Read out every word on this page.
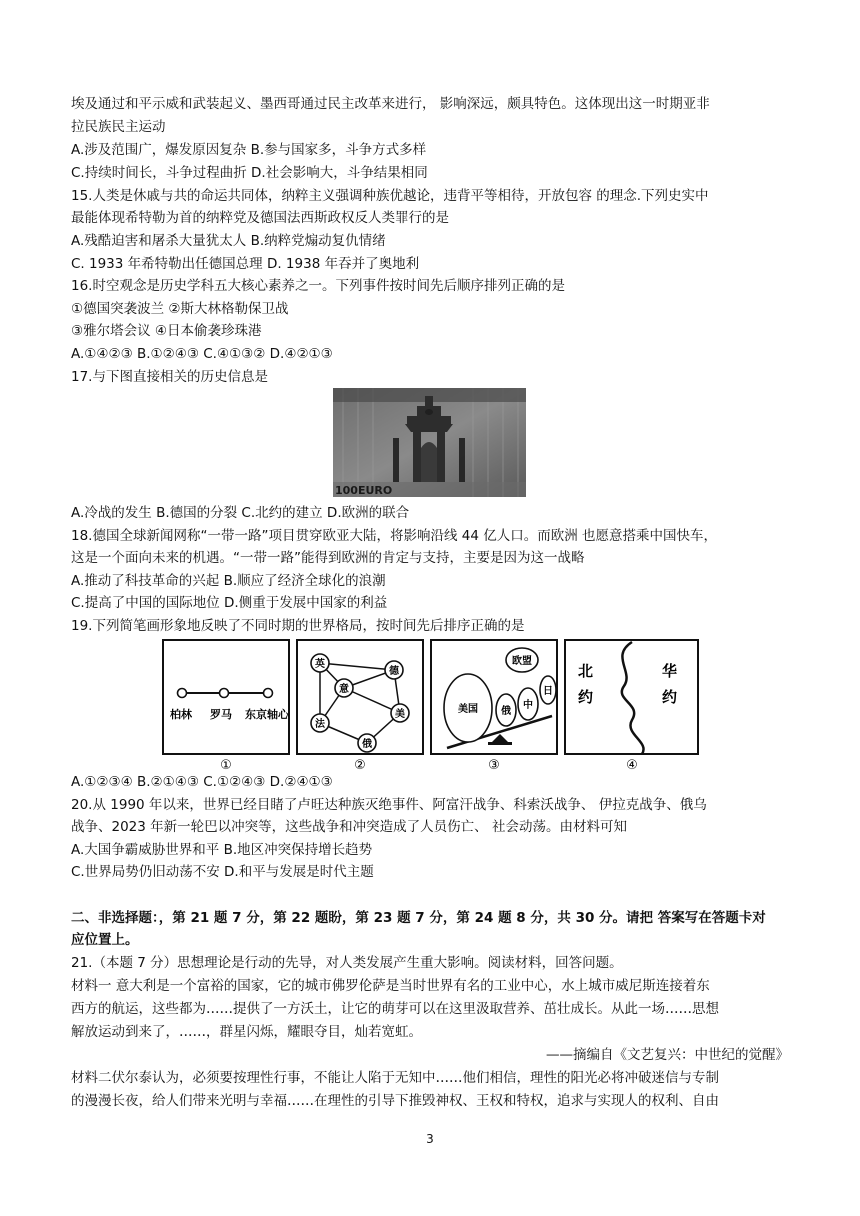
埃及通过和平示威和武装起义、墨西哥通过民主改革来进行， 影响深远，颇具特色。这体现出这一时期亚非
拉民族民主运动
A.涉及范围广，爆发原因复杂 B.参与国家多，斗争方式多样
C.持续时间长，斗争过程曲折 D.社会影响大，斗争结果相同
15.人类是休戚与共的命运共同体，纳粹主义强调种族优越论，违背平等相待，开放包容 的理念.下列史实中
最能体现希特勒为首的纳粹党及德国法西斯政权反人类罪行的是
A.残酷迫害和屠杀大量犹太人 B.纳粹党煽动复仇情绪
C. 1933 年希特勒出任德国总理 D. 1938 年吞并了奥地利
16.时空观念是历史学科五大核心素养之一。下列事件按时间先后顺序排列正确的是
①德国突袭波兰 ②斯大林格勒保卫战
③雅尔塔会议 ④日本偷袭珍珠港
A.①④②③ B.①②④③ C.④①③② D.④②①③
17.与下图直接相关的历史信息是
100EURO
A.冷战的发生 B.德国的分裂 C.北约的建立 D.欧洲的联合
18.德国全球新闻网称“一带一路”项目贯穿欧亚大陆，将影响沿线 44 亿人口。而欧洲 也愿意搭乘中国快车，
这是一个面向未来的机遇。“一带一路”能得到欧洲的肯定与支持，主要是因为这一战略
A.推动了科技革命的兴起 B.顺应了经济全球化的浪潮
C.提高了中国的国际地位 D.侧重于发展中国家的利益
19.下列简笔画形象地反映了不同时期的世界格局，按时间先后排序正确的是
柏林 罗马 东京轴心
英
德
意
法
美
俄
欧盟
美国 俄
中
日
北
约
华
约
①	②	③	④
A.①②③④ B.②①④③ C.①②④③ D.②④①③
20.从 1990 年以来，世界已经目睹了卢旺达种族灭绝事件、阿富汗战争、科索沃战争、 伊拉克战争、俄乌
战争、2023 年新一轮巴以冲突等，这些战争和冲突造成了人员伤亡、 社会动荡。由材料可知
A.大国争霸威胁世界和平 B.地区冲突保持增长趋势
C.世界局势仍旧动荡不安 D.和平与发展是时代主题
二、非选择题：，第 21 题 7 分，第 22 题盼，第 23 题 7 分，第 24 题 8 分，共 30 分。请把 答案写在答题卡对
应位置上。
21.（本题 7 分）思想理论是行动的先导，对人类发展产生重大影响。阅读材料，回答问题。
材料一 意大利是一个富裕的国家，它的城市佛罗伦萨是当时世界有名的工业中心，水上城市威尼斯连接着东
西方的航运，这些都为……提供了一方沃土，让它的萌芽可以在这里汲取营养、茁壮成长。从此一场……思想
解放运动到来了，……，群星闪烁，耀眼夺目，灿若宽虹。
——摘编自《文艺复兴：中世纪的觉醒》
材料二伏尔泰认为，必须要按理性行事，不能让人陷于无知中……他们相信，理性的阳光必将冲破迷信与专制
的漫漫长夜，给人们带来光明与幸福……在理性的引导下推毁神权、王权和特权，追求与实现人的权利、自由
3
